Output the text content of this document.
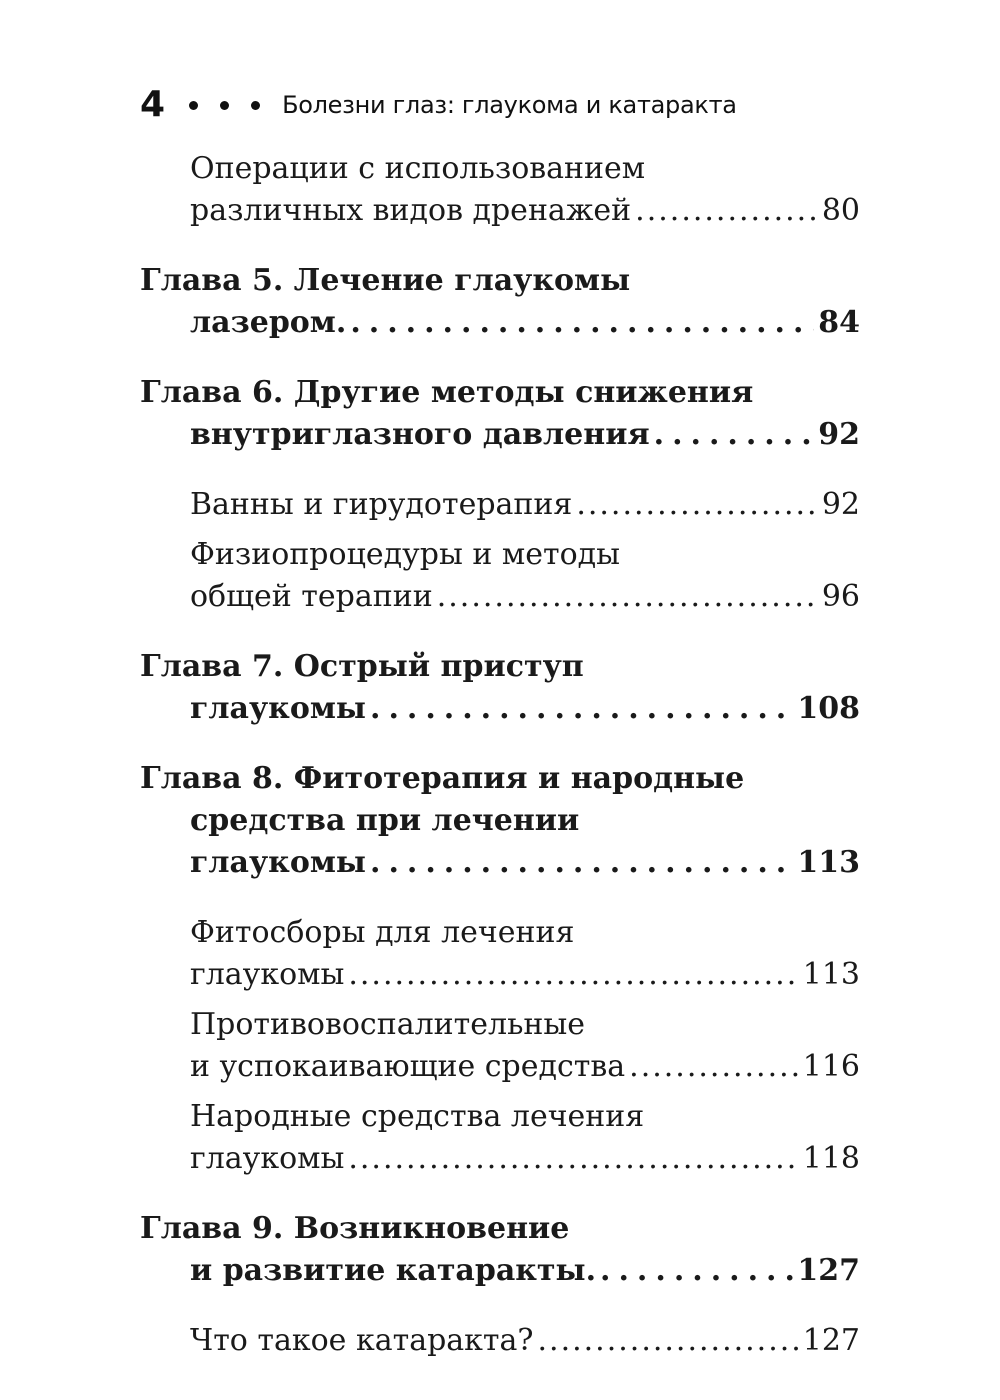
4	Болезни глаз: глаукома и катаракта
Операции с использованием
различных видов дренажей .....	80
Глава 5. Лечение глаукомы
лазером. .....	84
Глава 6. Другие методы снижения
внутриглазного давления .....	92
Ванны и гирудотерапия .....	92
Физиопроцедуры и методы
общей терапии .....	96
Глава 7. Острый приступ
глаукомы .....	108
Глава 8. Фитотерапия и народные
средства при лечении
глаукомы .....	113
Фитосборы для лечения
глаукомы .....	113
Противовоспалительные
и успокаивающие средства .....	116
Народные средства лечения
глаукомы .....	118
Глава 9. Возникновение
и развитие катаракты. .....	127
Что такое катаракта? .....	127
